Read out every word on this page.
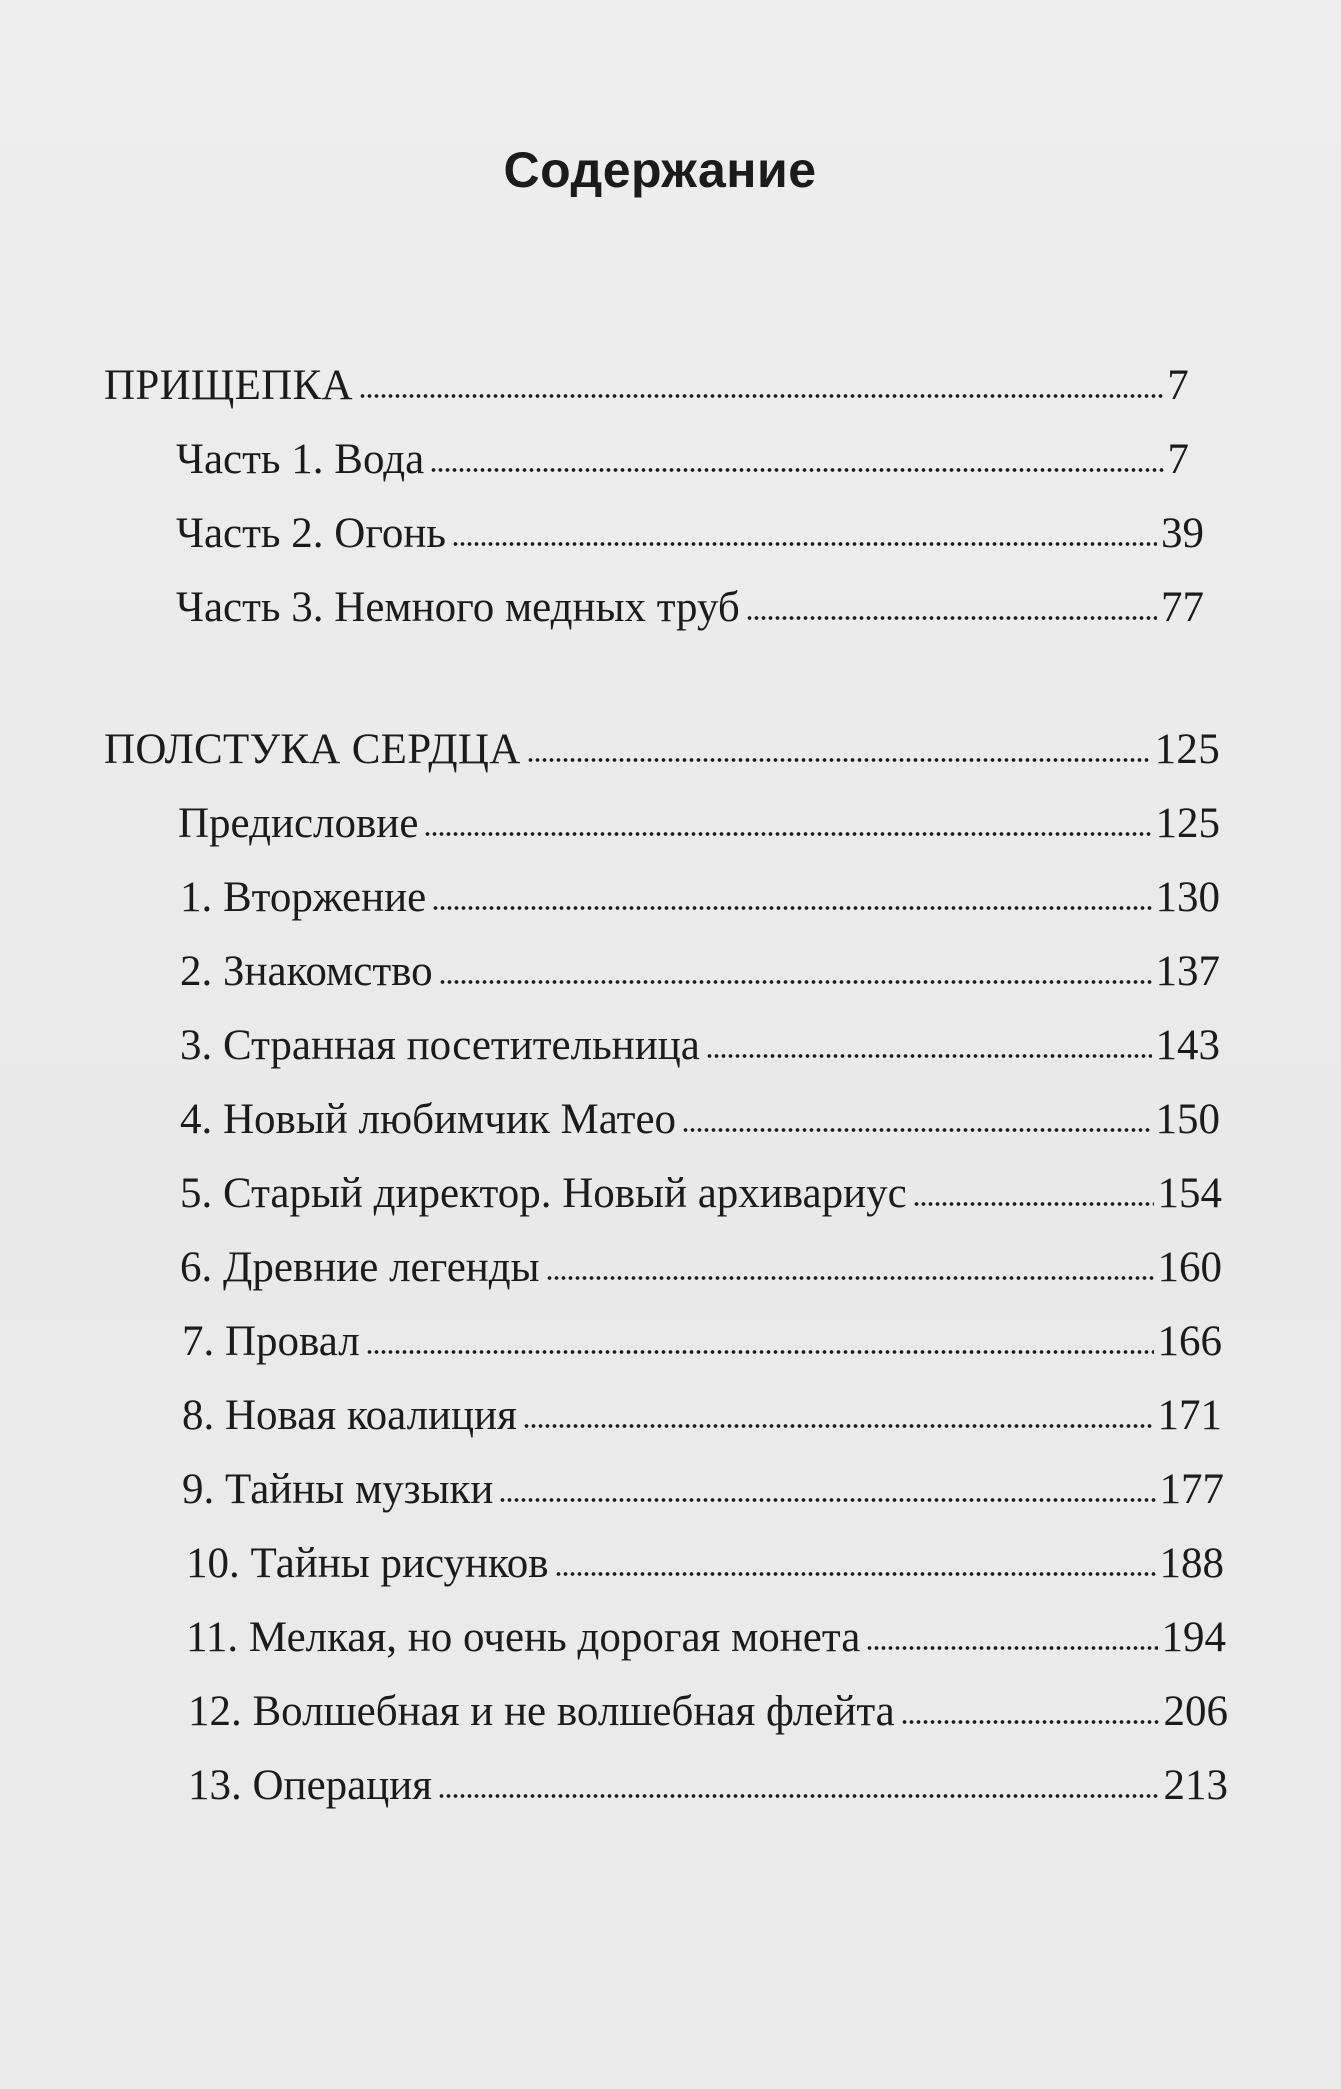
Содержание
ПРИЩЕПКА	7
Часть 1. Вода	7
Часть 2. Огонь	39
Часть 3. Немного медных труб	77
ПОЛСТУКА СЕРДЦА	125
Предисловие	125
1. Вторжение	130
2. Знакомство	137
3. Странная посетительница	143
4. Новый любимчик Матео	150
5. Старый директор. Новый архивариус	154
6. Древние легенды	160
7. Провал	166
8. Новая коалиция	171
9. Тайны музыки	177
10. Тайны рисунков	188
11. Мелкая, но очень дорогая монета	194
12. Волшебная и не волшебная флейта	206
13. Операция	213
